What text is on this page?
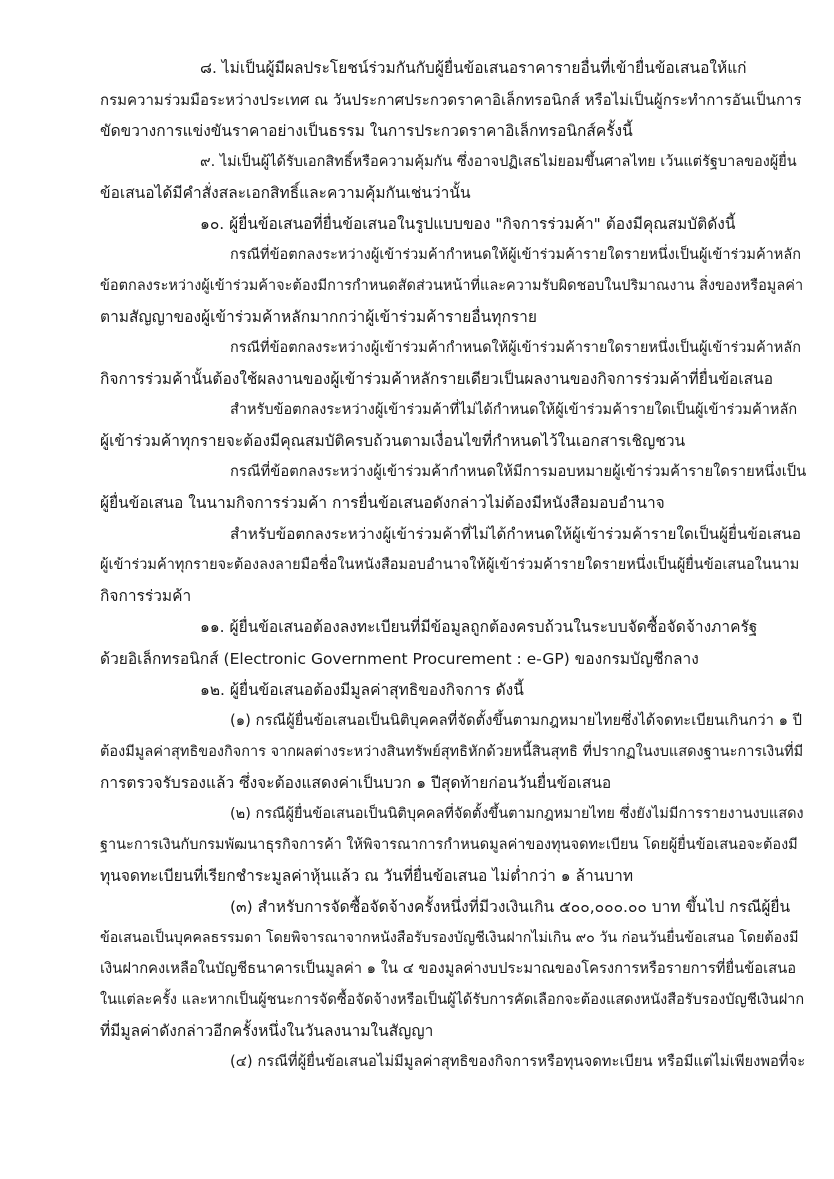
๘. ไม่เป็นผู้มีผลประโยชน์ร่วมกันกับผู้ยื่นข้อเสนอราคารายอื่นที่เข้ายื่นข้อเสนอให้แก่
กรมความร่วมมือระหว่างประเทศ ณ วันประกาศประกวดราคาอิเล็กทรอนิกส์ หรือไม่เป็นผู้กระทำการอันเป็นการ
ขัดขวางการแข่งขันราคาอย่างเป็นธรรม ในการประกวดราคาอิเล็กทรอนิกส์ครั้งนี้
๙. ไม่เป็นผู้ได้รับเอกสิทธิ์หรือความคุ้มกัน ซึ่งอาจปฏิเสธไม่ยอมขึ้นศาลไทย เว้นแต่รัฐบาลของผู้ยื่น
ข้อเสนอได้มีคำสั่งสละเอกสิทธิ์และความคุ้มกันเช่นว่านั้น
๑๐. ผู้ยื่นข้อเสนอที่ยื่นข้อเสนอในรูปแบบของ "กิจการร่วมค้า" ต้องมีคุณสมบัติดังนี้
กรณีที่ข้อตกลงระหว่างผู้เข้าร่วมค้ากำหนดให้ผู้เข้าร่วมค้ารายใดรายหนึ่งเป็นผู้เข้าร่วมค้าหลัก
ข้อตกลงระหว่างผู้เข้าร่วมค้าจะต้องมีการกำหนดสัดส่วนหน้าที่และความรับผิดชอบในปริมาณงาน สิ่งของหรือมูลค่า
ตามสัญญาของผู้เข้าร่วมค้าหลักมากกว่าผู้เข้าร่วมค้ารายอื่นทุกราย
กรณีที่ข้อตกลงระหว่างผู้เข้าร่วมค้ากำหนดให้ผู้เข้าร่วมค้ารายใดรายหนึ่งเป็นผู้เข้าร่วมค้าหลัก
กิจการร่วมค้านั้นต้องใช้ผลงานของผู้เข้าร่วมค้าหลักรายเดียวเป็นผลงานของกิจการร่วมค้าที่ยื่นข้อเสนอ
สำหรับข้อตกลงระหว่างผู้เข้าร่วมค้าที่ไม่ได้กำหนดให้ผู้เข้าร่วมค้ารายใดเป็นผู้เข้าร่วมค้าหลัก
ผู้เข้าร่วมค้าทุกรายจะต้องมีคุณสมบัติครบถ้วนตามเงื่อนไขที่กำหนดไว้ในเอกสารเชิญชวน
กรณีที่ข้อตกลงระหว่างผู้เข้าร่วมค้ากำหนดให้มีการมอบหมายผู้เข้าร่วมค้ารายใดรายหนึ่งเป็น
ผู้ยื่นข้อเสนอ ในนามกิจการร่วมค้า การยื่นข้อเสนอดังกล่าวไม่ต้องมีหนังสือมอบอำนาจ
สำหรับข้อตกลงระหว่างผู้เข้าร่วมค้าที่ไม่ได้กำหนดให้ผู้เข้าร่วมค้ารายใดเป็นผู้ยื่นข้อเสนอ
ผู้เข้าร่วมค้าทุกรายจะต้องลงลายมือชื่อในหนังสือมอบอำนาจให้ผู้เข้าร่วมค้ารายใดรายหนึ่งเป็นผู้ยื่นข้อเสนอในนาม
กิจการร่วมค้า
๑๑. ผู้ยื่นข้อเสนอต้องลงทะเบียนที่มีข้อมูลถูกต้องครบถ้วนในระบบจัดซื้อจัดจ้างภาครัฐ
ด้วยอิเล็กทรอนิกส์ (Electronic Government Procurement : e-GP) ของกรมบัญชีกลาง
๑๒. ผู้ยื่นข้อเสนอต้องมีมูลค่าสุทธิของกิจการ ดังนี้
(๑) กรณีผู้ยื่นข้อเสนอเป็นนิติบุคคลที่จัดตั้งขึ้นตามกฎหมายไทยซึ่งได้จดทะเบียนเกินกว่า ๑ ปี
ต้องมีมูลค่าสุทธิของกิจการ จากผลต่างระหว่างสินทรัพย์สุทธิหักด้วยหนี้สินสุทธิ ที่ปรากฏในงบแสดงฐานะการเงินที่มี
การตรวจรับรองแล้ว ซึ่งจะต้องแสดงค่าเป็นบวก ๑ ปีสุดท้ายก่อนวันยื่นข้อเสนอ
(๒) กรณีผู้ยื่นข้อเสนอเป็นนิติบุคคลที่จัดตั้งขึ้นตามกฎหมายไทย ซึ่งยังไม่มีการรายงานงบแสดง
ฐานะการเงินกับกรมพัฒนาธุรกิจการค้า ให้พิจารณาการกำหนดมูลค่าของทุนจดทะเบียน โดยผู้ยื่นข้อเสนอจะต้องมี
ทุนจดทะเบียนที่เรียกชำระมูลค่าหุ้นแล้ว ณ วันที่ยื่นข้อเสนอ ไม่ต่ำกว่า ๑ ล้านบาท
(๓) สำหรับการจัดซื้อจัดจ้างครั้งหนึ่งที่มีวงเงินเกิน ๕๐๐,๐๐๐.๐๐ บาท ขึ้นไป กรณีผู้ยื่น
ข้อเสนอเป็นบุคคลธรรมดา โดยพิจารณาจากหนังสือรับรองบัญชีเงินฝากไม่เกิน ๙๐ วัน ก่อนวันยื่นข้อเสนอ โดยต้องมี
เงินฝากคงเหลือในบัญชีธนาคารเป็นมูลค่า ๑ ใน ๔ ของมูลค่างบประมาณของโครงการหรือรายการที่ยื่นข้อเสนอ
ในแต่ละครั้ง และหากเป็นผู้ชนะการจัดซื้อจัดจ้างหรือเป็นผู้ได้รับการคัดเลือกจะต้องแสดงหนังสือรับรองบัญชีเงินฝาก
ที่มีมูลค่าดังกล่าวอีกครั้งหนึ่งในวันลงนามในสัญญา
(๔) กรณีที่ผู้ยื่นข้อเสนอไม่มีมูลค่าสุทธิของกิจการหรือทุนจดทะเบียน หรือมีแต่ไม่เพียงพอที่จะ
